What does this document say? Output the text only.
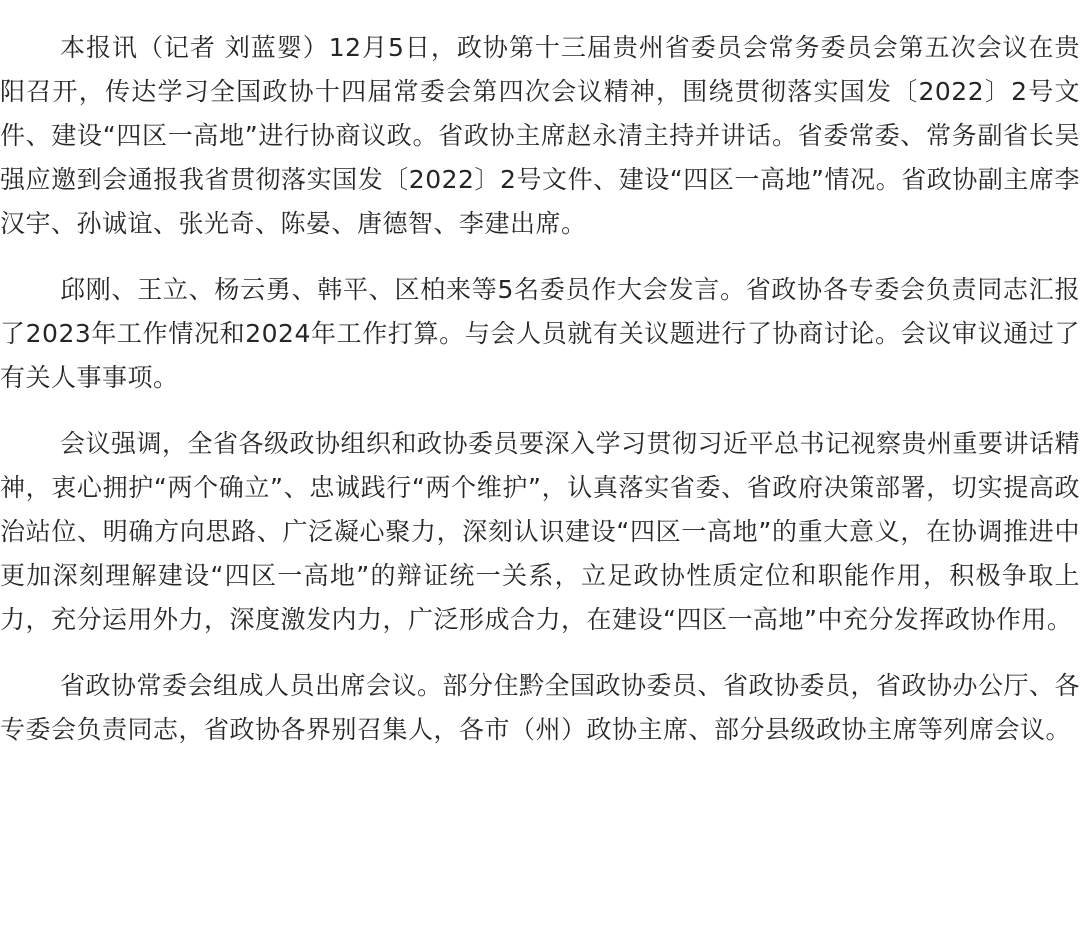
本报讯（记者 刘蓝婴）12月5日，政协第十三届贵州省委员会常务委员会第五次会议在贵阳召开，传达学习全国政协十四届常委会第四次会议精神，围绕贯彻落实国发〔2022〕2号文件、建设“四区一高地”进行协商议政。省政协主席赵永清主持并讲话。省委常委、常务副省长吴强应邀到会通报我省贯彻落实国发〔2022〕2号文件、建设“四区一高地”情况。省政协副主席李汉宇、孙诚谊、张光奇、陈晏、唐德智、李建出席。

邱刚、王立、杨云勇、韩平、区柏来等5名委员作大会发言。省政协各专委会负责同志汇报了2023年工作情况和2024年工作打算。与会人员就有关议题进行了协商讨论。会议审议通过了有关人事事项。

会议强调，全省各级政协组织和政协委员要深入学习贯彻习近平总书记视察贵州重要讲话精神，衷心拥护“两个确立”、忠诚践行“两个维护”，认真落实省委、省政府决策部署，切实提高政治站位、明确方向思路、广泛凝心聚力，深刻认识建设“四区一高地”的重大意义，在协调推进中更加深刻理解建设“四区一高地”的辩证统一关系，立足政协性质定位和职能作用，积极争取上力，充分运用外力，深度激发内力，广泛形成合力，在建设“四区一高地”中充分发挥政协作用。

省政协常委会组成人员出席会议。部分住黔全国政协委员、省政协委员，省政协办公厅、各专委会负责同志，省政协各界别召集人，各市（州）政协主席、部分县级政协主席等列席会议。
